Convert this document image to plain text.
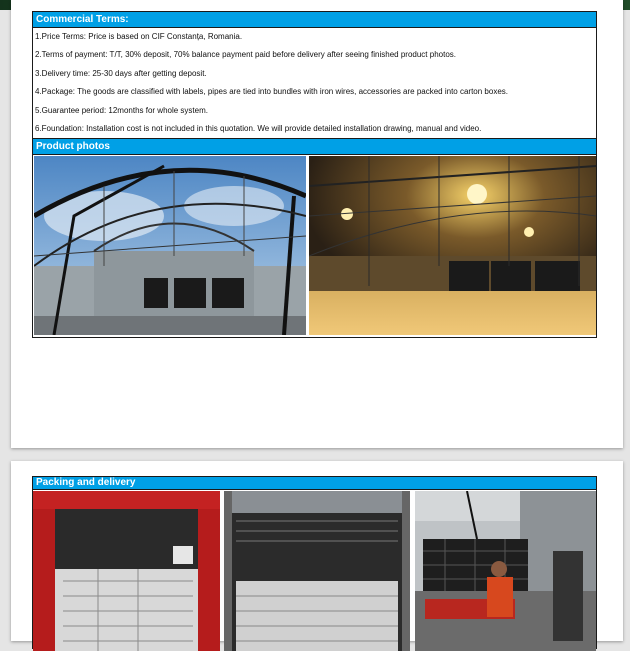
Commercial Terms:
1.Price Terms: Price is based on CIF Constanța, Romania.
2.Terms of payment: T/T, 30% deposit, 70% balance payment paid before delivery after seeing finished product photos.
3.Delivery time: 25-30 days after getting deposit.
4.Package: The goods are classified with labels, pipes are tied into bundles with iron wires, accessories are packed into carton boxes.
5.Guarantee period: 12months for whole system.
6.Foundation: Installation cost is not included in this quotation. We will provide detailed installation drawing, manual and video.
Product photos
Packing and delivery
